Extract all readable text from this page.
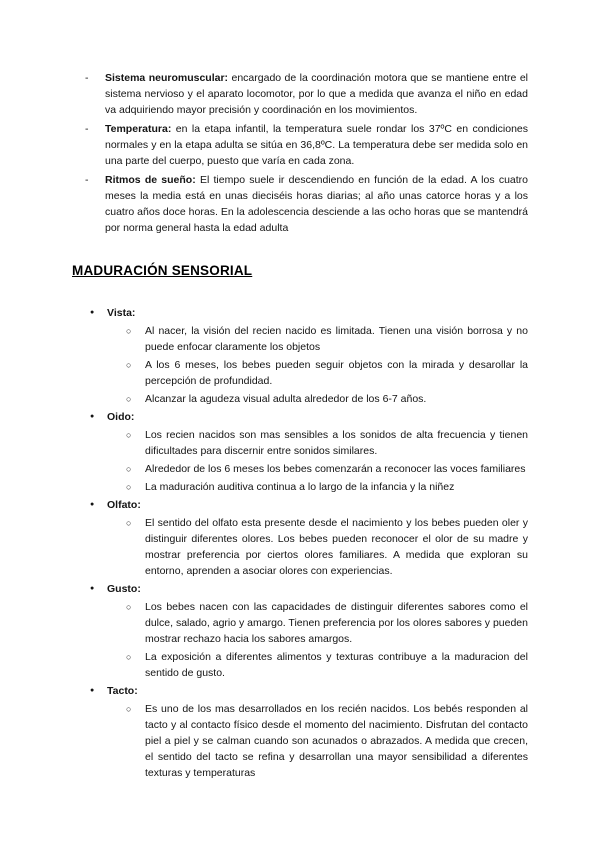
-	Sistema neuromuscular: encargado de la coordinación motora que se mantiene entre el sistema nervioso y el aparato locomotor, por lo que a medida que avanza el niño en edad va adquiriendo mayor precisión y coordinación en los movimientos.

-	Temperatura: en la etapa infantil, la temperatura suele rondar los 37ºC en condiciones normales y en la etapa adulta se sitúa en 36,8ºC. La temperatura debe ser medida solo en una parte del cuerpo, puesto que varía en cada zona.

-	Ritmos de sueño: El tiempo suele ir descendiendo en función de la edad. A los cuatro meses la media está en unas dieciséis horas diarias; al año unas catorce horas y a los cuatro años doce horas. En la adolescencia desciende a las ocho horas que se mantendrá por norma general hasta la edad adulta

MADURACIÓN SENSORIAL
●	Vista:

○	Al nacer, la visión del recien nacido es limitada. Tienen una visión borrosa y no puede enfocar claramente los objetos

○	A los 6 meses, los bebes pueden seguir objetos con la mirada y desarollar la percepción de profundidad.

○	Alcanzar la agudeza visual adulta alrededor de los 6-7 años.

●	Oido:

○	Los recien nacidos son mas sensibles a los sonidos de alta frecuencia y tienen dificultades para discernir entre sonidos similares.

○	Alrededor de los 6 meses los bebes comenzarán a reconocer las voces familiares

○	La maduración auditiva continua a lo largo de la infancia y la niñez

●	Olfato:

○	El sentido del olfato esta presente desde el nacimiento y los bebes pueden oler y distinguir diferentes olores. Los bebes pueden reconocer el olor de su madre y mostrar preferencia por ciertos olores familiares. A medida que exploran su entorno, aprenden a asociar olores con experiencias.

●	Gusto:

○	Los bebes nacen con las capacidades de distinguir diferentes sabores como el dulce, salado, agrio y amargo. Tienen preferencia por los olores sabores y pueden mostrar rechazo hacia los sabores amargos.

○	La exposición a diferentes alimentos y texturas contribuye a la maduracion del sentido de gusto.

●	Tacto:

○	Es uno de los mas desarrollados en los recién nacidos. Los bebés responden al tacto y al contacto físico desde el momento del nacimiento. Disfrutan del contacto piel a piel y se calman cuando son acunados o abrazados. A medida que crecen, el sentido del tacto se refina y desarrollan una mayor sensibilidad a diferentes texturas y temperaturas
